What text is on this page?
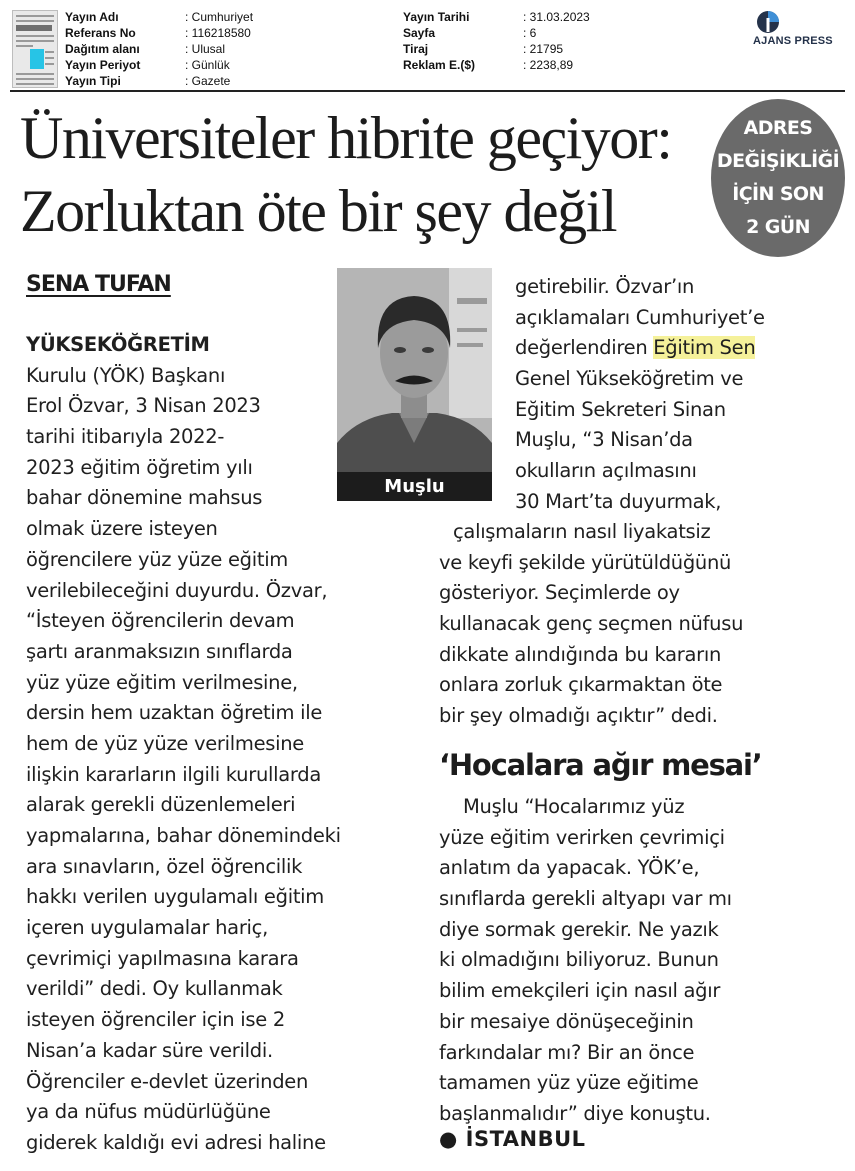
Yayın Adı	: Cumhuriyet
Referans No	: 116218580
Dağıtım alanı	: Ulusal
Yayın Periyot	: Günlük
Yayın Tipi	: Gazete
Yayın Tarihi	: 31.03.2023
Sayfa	: 6
Tiraj	: 21795
Reklam E.($)	: 2238,89
AJANS PRESS
Üniversiteler hibrite geçiyor:
Zorluktan öte bir şey değil
ADRES
DEĞİŞİKLİĞİ
İÇİN SON
2 GÜN
SENA TUFAN
YÜKSEKÖĞRETİM
Kurulu (YÖK) Başkanı
Erol Özvar, 3 Nisan 2023
tarihi itibarıyla 2022-
2023 eğitim öğretim yılı
bahar dönemine mahsus
olmak üzere isteyen
öğrencilere yüz yüze eğitim
verilebileceğini duyurdu. Özvar,
“İsteyen öğrencilerin devam
şartı aranmaksızın sınıflarda
yüz yüze eğitim verilmesine,
dersin hem uzaktan öğretim ile
hem de yüz yüze verilmesine
ilişkin kararların ilgili kurullarda
alarak gerekli düzenlemeleri
yapmalarına, bahar dönemindeki
ara sınavların, özel öğrencilik
hakkı verilen uygulamalı eğitim
içeren uygulamalar hariç,
çevrimiçi yapılmasına karara
verildi” dedi. Oy kullanmak
isteyen öğrenciler için ise 2
Nisan’a kadar süre verildi.
Öğrenciler e-devlet üzerinden
ya da nüfus müdürlüğüne
giderek kaldığı evi adresi haline
Muşlu
getirebilir. Özvar’ın
açıklamaları Cumhuriyet’e
değerlendiren Eğitim Sen
Genel Yükseköğretim ve
Eğitim Sekreteri Sinan
Muşlu, “3 Nisan’da
okulların açılmasını
30 Mart’ta duyurmak,
çalışmaların nasıl liyakatsiz
ve keyfi şekilde yürütüldüğünü
gösteriyor. Seçimlerde oy
kullanacak genç seçmen nüfusu
dikkate alındığında bu kararın
onlara zorluk çıkarmaktan öte
bir şey olmadığı açıktır” dedi.
‘Hocalara ağır mesai’
Muşlu “Hocalarımız yüz
yüze eğitim verirken çevrimiçi
anlatım da yapacak. YÖK’e,
sınıflarda gerekli altyapı var mı
diye sormak gerekir. Ne yazık
ki olmadığını biliyoruz. Bunun
bilim emekçileri için nasıl ağır
bir mesaiye dönüşeceğinin
farkındalar mı? Bir an önce
tamamen yüz yüze eğitime
başlanmalıdır” diye konuştu.
● İSTANBUL
